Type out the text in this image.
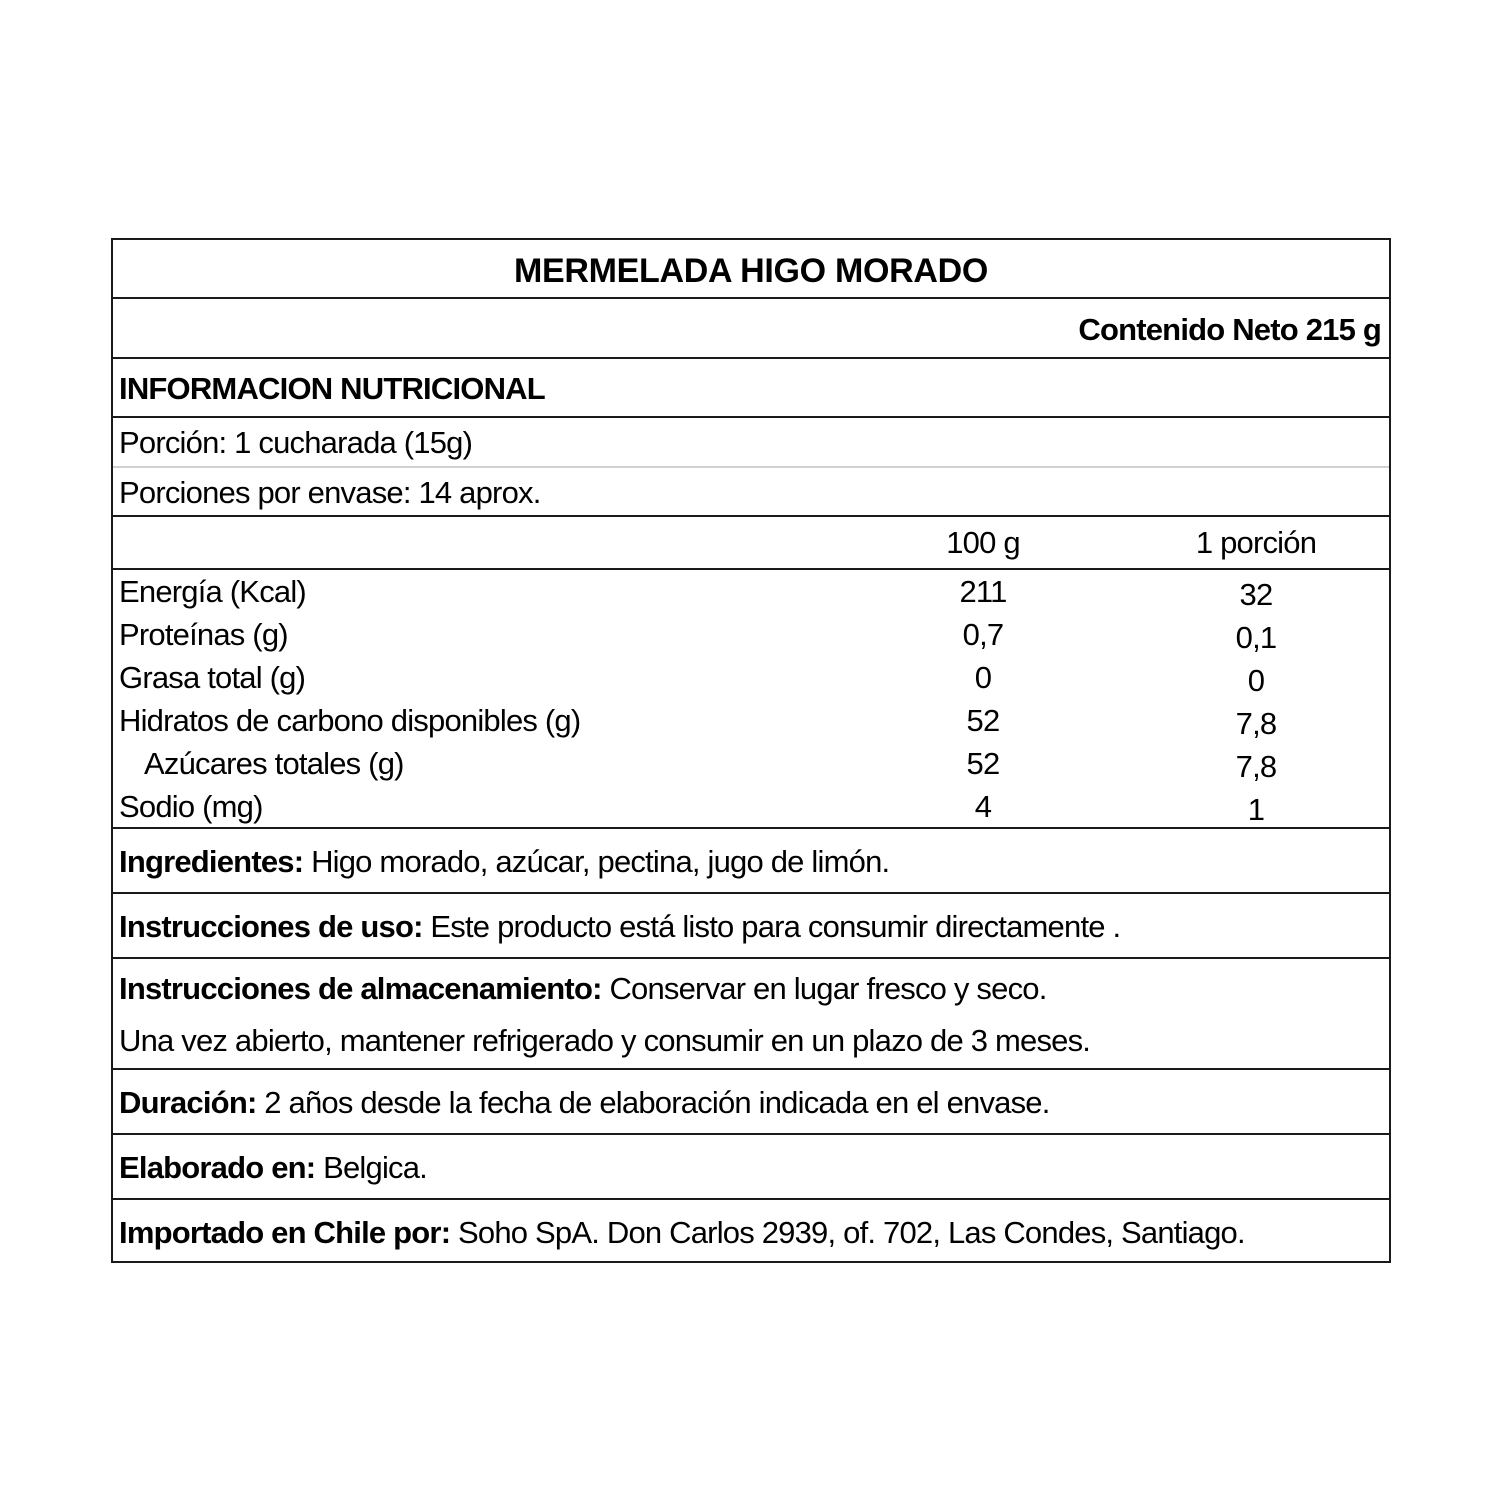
MERMELADA HIGO MORADO
Contenido Neto 215 g
INFORMACION NUTRICIONAL
Porción: 1 cucharada (15g)
Porciones por envase: 14 aprox.
100 g	1 porción
Energía (Kcal)	211	32
Proteínas (g)	0,7	0,1
Grasa total (g)	0	0
Hidratos de carbono disponibles (g)	52	7,8
Azúcares totales (g)	52	7,8
Sodio (mg)	4	1
Ingredientes: Higo morado, azúcar, pectina, jugo de limón.
Instrucciones de uso: Este producto está listo para consumir directamente .
Instrucciones de almacenamiento: Conservar en lugar fresco y seco.
Una vez abierto, mantener refrigerado y consumir en un plazo de 3 meses.
Duración: 2 años desde la fecha de elaboración indicada en el envase.
Elaborado en: Belgica.
Importado en Chile por: Soho SpA. Don Carlos 2939, of. 702, Las Condes, Santiago.
